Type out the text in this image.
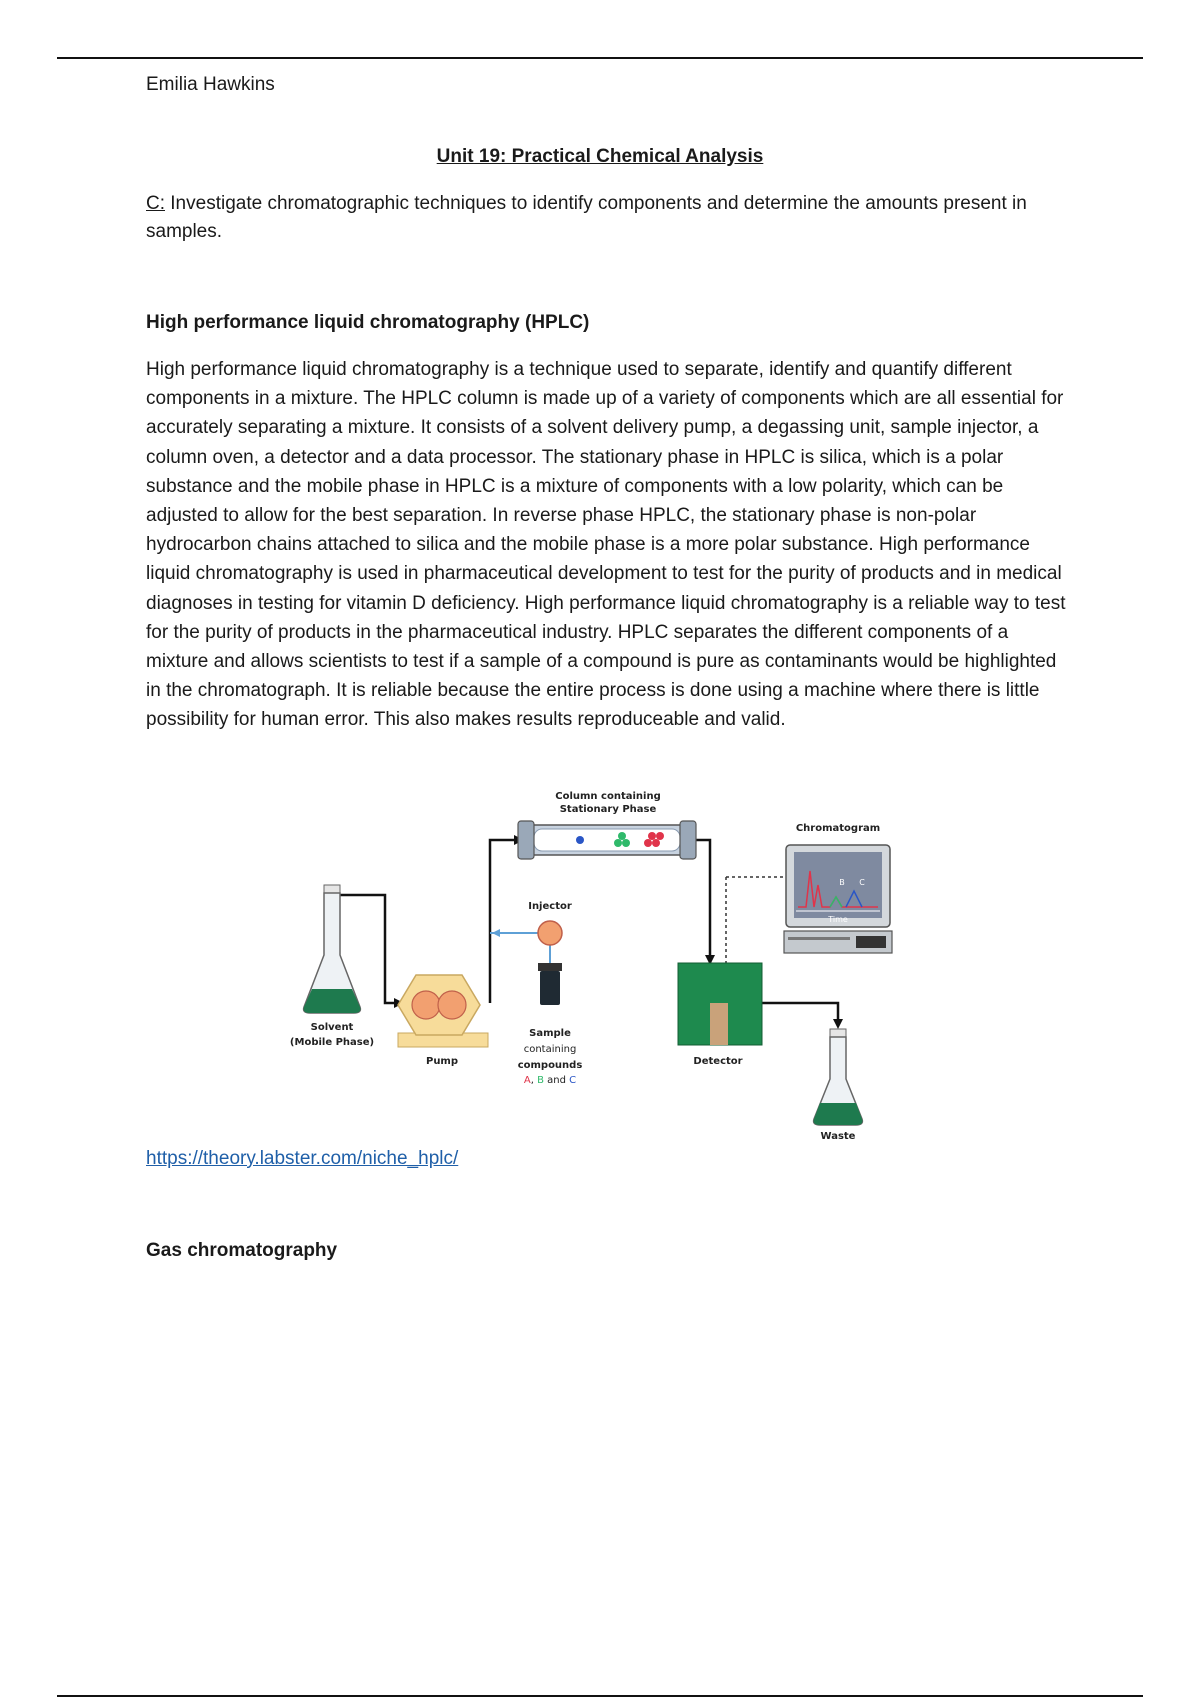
Emilia Hawkins
Unit 19: Practical Chemical Analysis
C: Investigate chromatographic techniques to identify components and determine the amounts present in samples.
High performance liquid chromatography (HPLC)
High performance liquid chromatography is a technique used to separate, identify and quantify different components in a mixture. The HPLC column is made up of a variety of components which are all essential for accurately separating a mixture. It consists of a solvent delivery pump, a degassing unit, sample injector, a column oven, a detector and a data processor. The stationary phase in HPLC is silica, which is a polar substance and the mobile phase in HPLC is a mixture of components with a low polarity, which can be adjusted to allow for the best separation. In reverse phase HPLC, the stationary phase is non-polar hydrocarbon chains attached to silica and the mobile phase is a more polar substance. High performance liquid chromatography is used in pharmaceutical development to test for the purity of products and in medical diagnoses in testing for vitamin D deficiency. High performance liquid chromatography is a reliable way to test for the purity of products in the pharmaceutical industry. HPLC separates the different components of a mixture and allows scientists to test if a sample of a compound is pure as contaminants would be highlighted in the chromatograph. It is reliable because the entire process is done using a machine where there is little possibility for human error. This also makes results reproduceable and valid.
Column containing
Stationary Phase
Injector
Sample
containing
compounds
A, B and C
Solvent
(Mobile Phase)
Pump	Detector
Waste
Chromatogram
Time
B C
https://theory.labster.com/niche_hplc/
Gas chromatography
